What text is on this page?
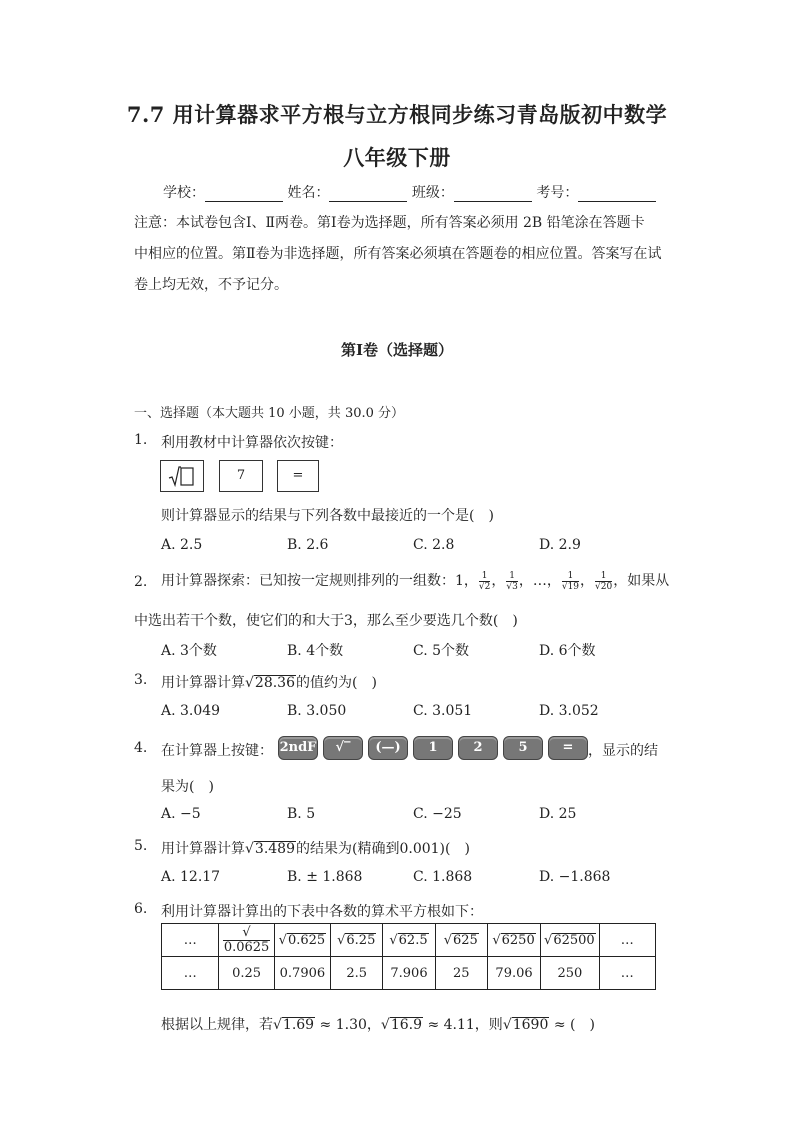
7.7 用计算器求平方根与立方根同步练习青岛版初中数学
八年级下册
学校：	姓名：	班级：	考号：
注意：本试卷包含Ⅰ、Ⅱ两卷。第Ⅰ卷为选择题，所有答案必须用 2B 铅笔涂在答题卡
中相应的位置。第Ⅱ卷为非选择题，所有答案必须填在答题卷的相应位置。答案写在试
卷上均无效，不予记分。
第Ⅰ卷（选择题）
一、选择题（本大题共 10 小题，共 30.0 分）
1. 利用教材中计算器依次按键：
7	=
则计算器显示的结果与下列各数中最接近的一个是(　)
A. 2.5	B. 2.6	C. 2.8	D. 2.9
2. 用计算器探索：已知按一定规则排列的一组数：1， $\frac{1}{√2}$ ， $\frac{1}{√3}$ ，…， $\frac{1}{√19}$ ， $\frac{1}{√20}$ ，如果从
中选出若干个数，使它们的和大于3，那么至少要选几个数(　)
A. 3个数	B. 4个数	C. 5个数	D. 6个数
3. 用计算器计算√28.36的值约为(　)
A. 3.049	B. 3.050	C. 3.051	D. 3.052
4. 在计算器上按键： 2ndF	√‾	(—)	1	2	5	=	，显示的结
果为(　)
A. −5	B. 5	C. −25	D. 25
5. 用计算器计算√3.489的结果为(精确到0.001)(　)
A. 12.17	B. ± 1.868	C. 1.868	D. −1.868
6. 利用计算器计算出的下表中各数的算术平方根如下：
…	√0.0625	√0.625	√6.25	√62.5	√625	√6250	√62500	…
…	0.25	0.7906	2.5	7.906	25	79.06	250	…
根据以上规律，若√1.69 ≈ 1.30，√16.9 ≈ 4.11，则√1690 ≈ (　)
